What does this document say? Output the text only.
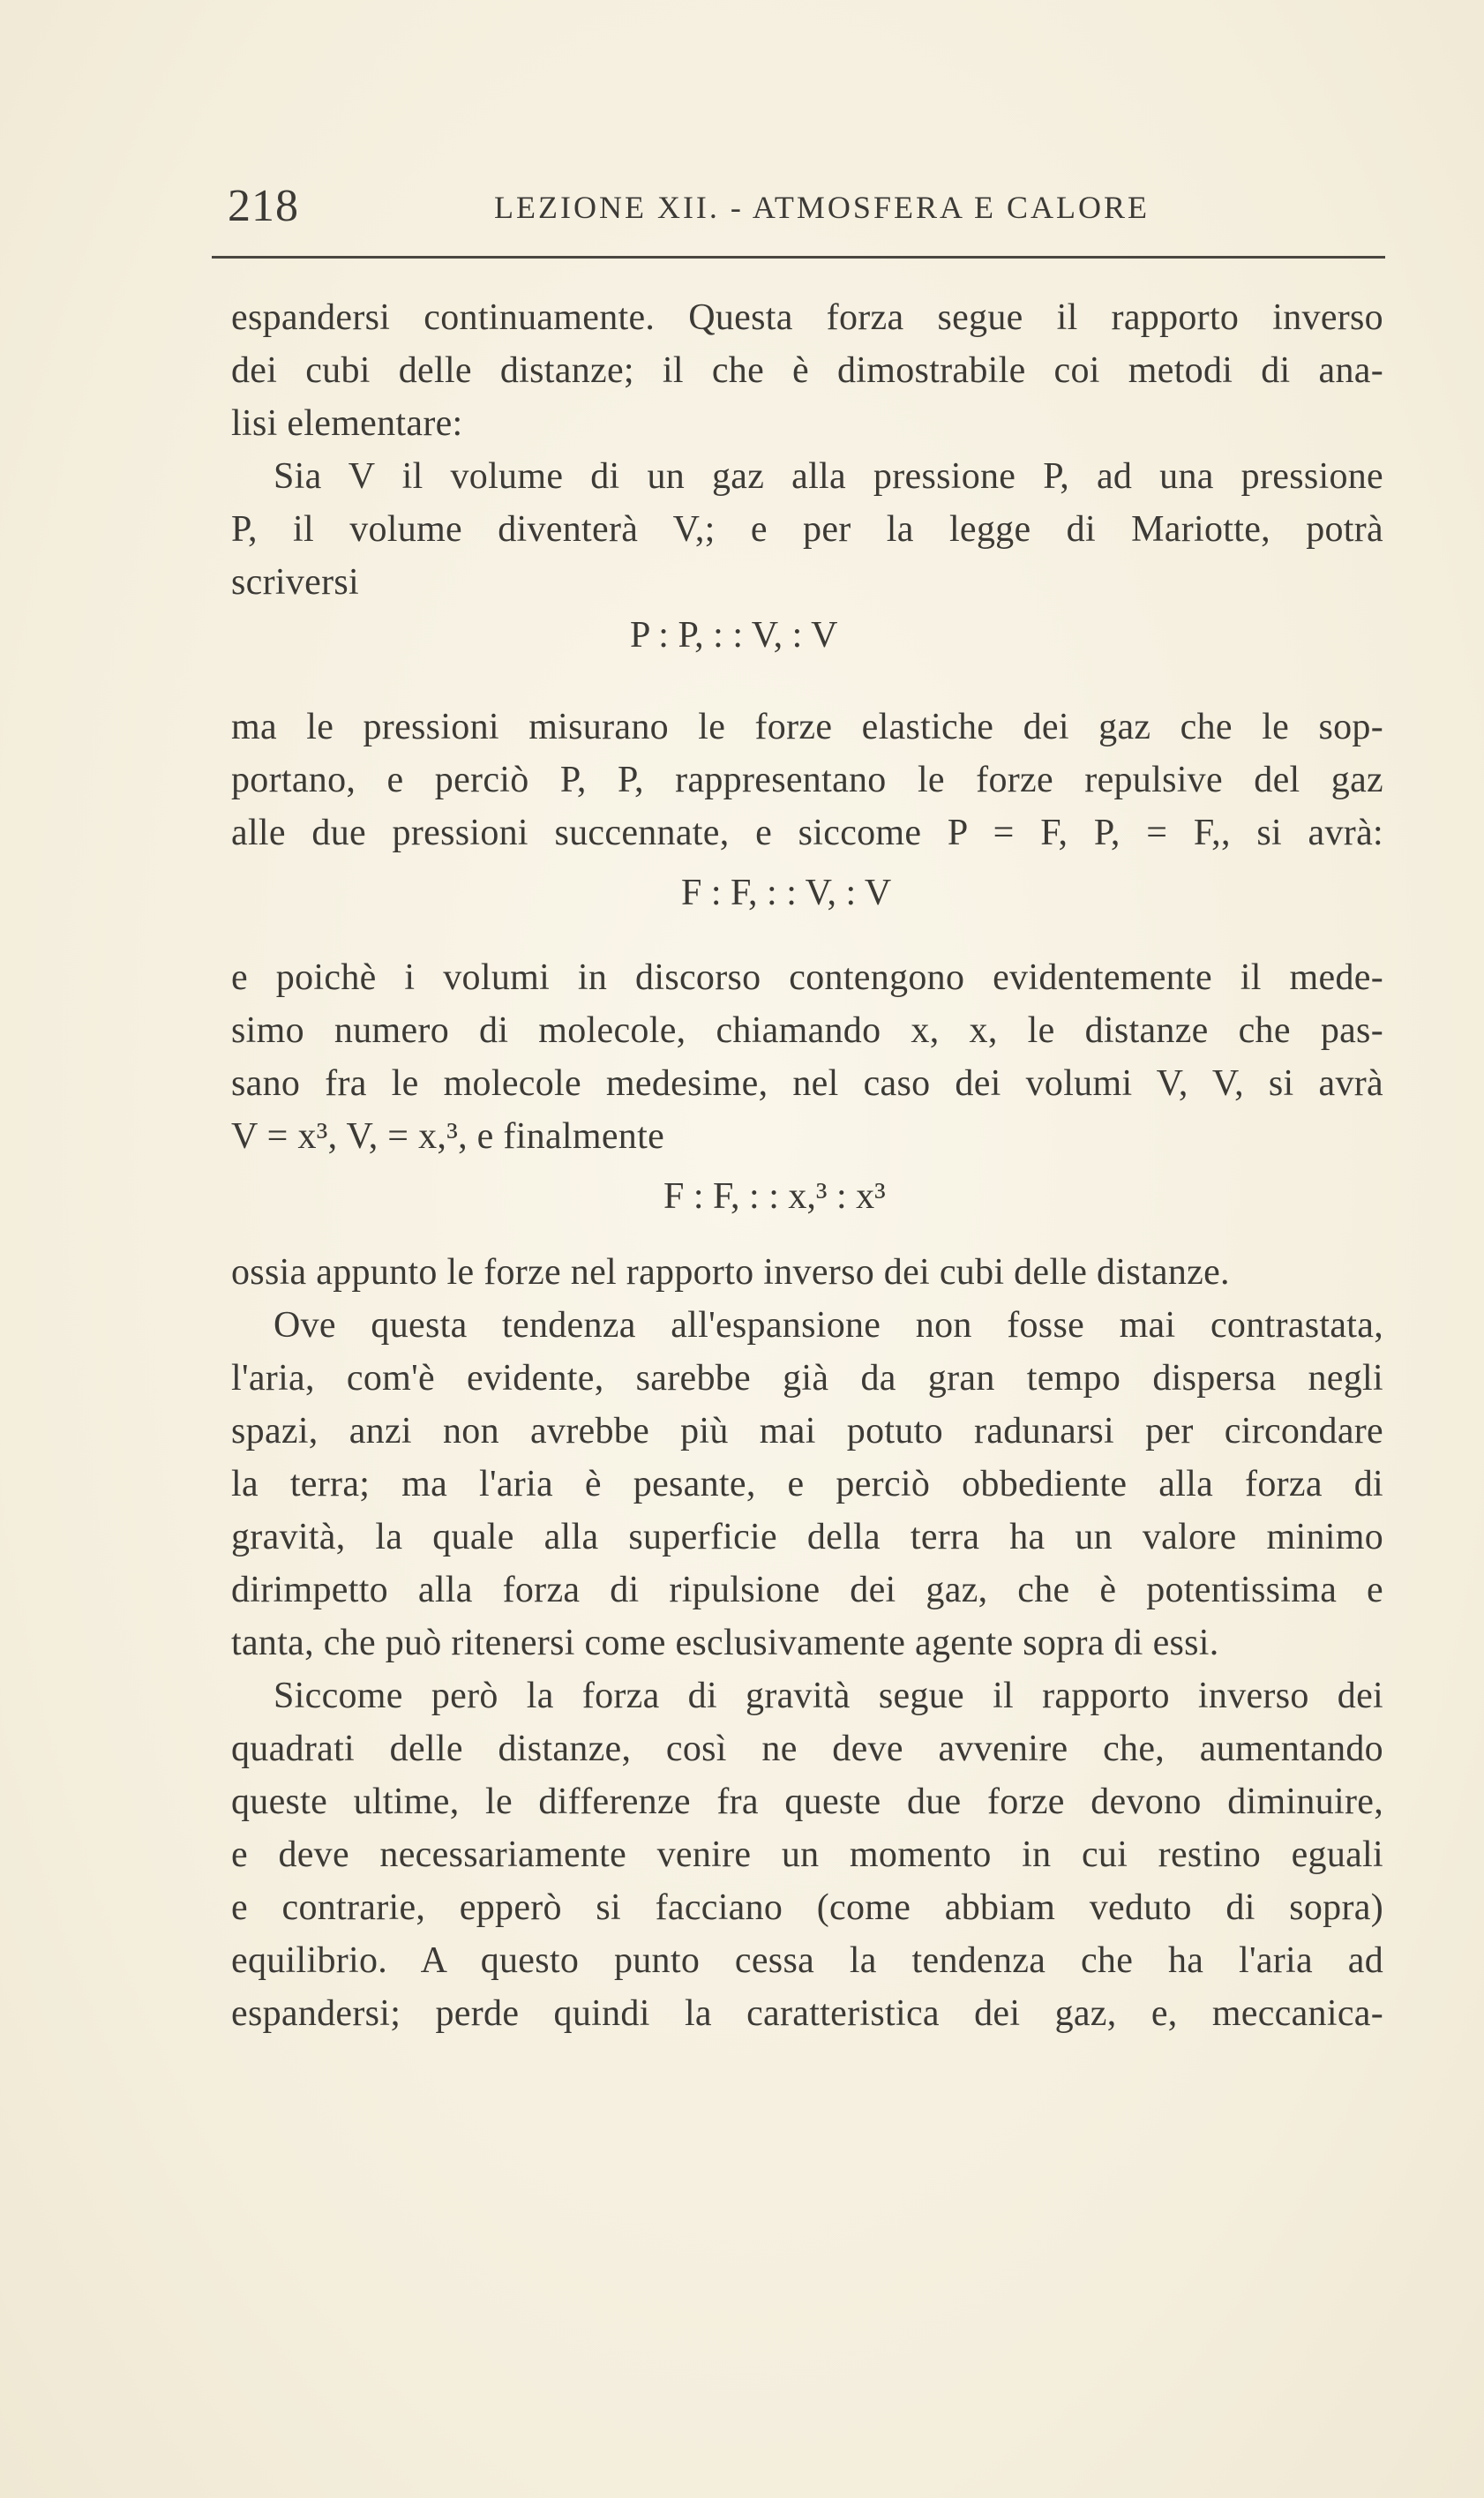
218	LEZIONE XII. - ATMOSFERA E CALORE
espandersi continuamente. Questa forza segue il rapporto inverso
dei cubi delle distanze; il che è dimostrabile coi metodi di ana-
lisi elementare:
Sia V il volume di un gaz alla pressione P, ad una pressione
P, il volume diventerà V,; e per la legge di Mariotte, potrà
scriversi
P : P, : : V, : V
ma le pressioni misurano le forze elastiche dei gaz che le sop-
portano, e perciò P, P, rappresentano le forze repulsive del gaz
alle due pressioni succennate, e siccome P = F, P, = F,, si avrà:
F : F, : : V, : V
e poichè i volumi in discorso contengono evidentemente il mede-
simo numero di molecole, chiamando x, x, le distanze che pas-
sano fra le molecole medesime, nel caso dei volumi V, V, si avrà
V = x³, V, = x,³, e finalmente
F : F, : : x,³ : x³
ossia appunto le forze nel rapporto inverso dei cubi delle distanze.
Ove questa tendenza all'espansione non fosse mai contrastata,
l'aria, com'è evidente, sarebbe già da gran tempo dispersa negli
spazi, anzi non avrebbe più mai potuto radunarsi per circondare
la terra; ma l'aria è pesante, e perciò obbediente alla forza di
gravità, la quale alla superficie della terra ha un valore minimo
dirimpetto alla forza di ripulsione dei gaz, che è potentissima e
tanta, che può ritenersi come esclusivamente agente sopra di essi.
Siccome però la forza di gravità segue il rapporto inverso dei
quadrati delle distanze, così ne deve avvenire che, aumentando
queste ultime, le differenze fra queste due forze devono diminuire,
e deve necessariamente venire un momento in cui restino eguali
e contrarie, epperò si facciano (come abbiam veduto di sopra)
equilibrio. A questo punto cessa la tendenza che ha l'aria ad
espandersi; perde quindi la caratteristica dei gaz, e, meccanica-
